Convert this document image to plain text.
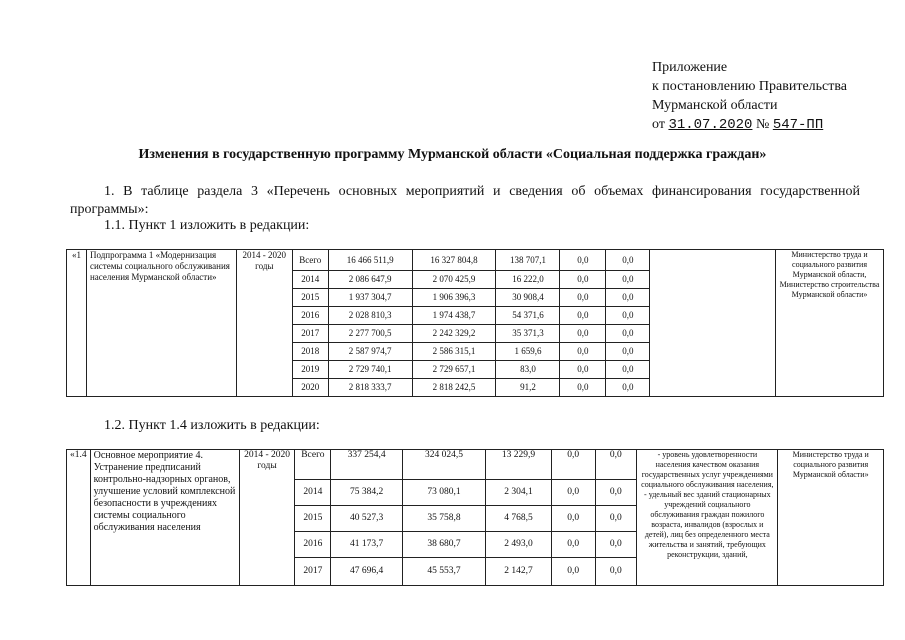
Приложение
к постановлению Правительства
Мурманской области
от 31.07.2020 № 547-ПП
Изменения в государственную программу Мурманской области «Социальная поддержка граждан»
1. В таблице раздела 3 «Перечень основных мероприятий и сведения об объемах финансирования государственной программы»:
1.1. Пункт 1 изложить в редакции:
«1	Подпрограмма 1 «Модернизация системы социального обслуживания населения Мурманской области»	2014 - 2020 годы	Всего	16 466 511,9	16 327 804,8	138 707,1	0,0	0,0		Министерство труда и социального развития Мурманской области, Министерство строительства Мурманской области»
			2014	2 086 647,9	2 070 425,9	16 222,0	0,0	0,0		
			2015	1 937 304,7	1 906 396,3	30 908,4	0,0	0,0		
			2016	2 028 810,3	1 974 438,7	54 371,6	0,0	0,0		
			2017	2 277 700,5	2 242 329,2	35 371,3	0,0	0,0		
			2018	2 587 974,7	2 586 315,1	1 659,6	0,0	0,0		
			2019	2 729 740,1	2 729 657,1	83,0	0,0	0,0		
			2020	2 818 333,7	2 818 242,5	91,2	0,0	0,0		
1.2. Пункт 1.4 изложить в редакции:
«1.4	Основное мероприятие 4. Устранение предписаний контрольно-надзорных органов, улучшение условий комплексной безопасности в учреждениях системы социального обслуживания населения	2014 - 2020 годы	Всего	337 254,4	324 024,5	13 229,9	0,0	0,0	- уровень удовлетворенности населения качеством оказания государственных услуг учреждениями социального обслуживания населения, - удельный вес зданий стационарных учреждений социального обслуживания граждан пожилого возраста, инвалидов (взрослых и детей), лиц без определенного места жительства и занятий, требующих реконструкции, зданий,	Министерство труда и социального развития Мурманской области»
			2014	75 384,2	73 080,1	2 304,1	0,0	0,0		
			2015	40 527,3	35 758,8	4 768,5	0,0	0,0		
			2016	41 173,7	38 680,7	2 493,0	0,0	0,0		
			2017	47 696,4	45 553,7	2 142,7	0,0	0,0		
